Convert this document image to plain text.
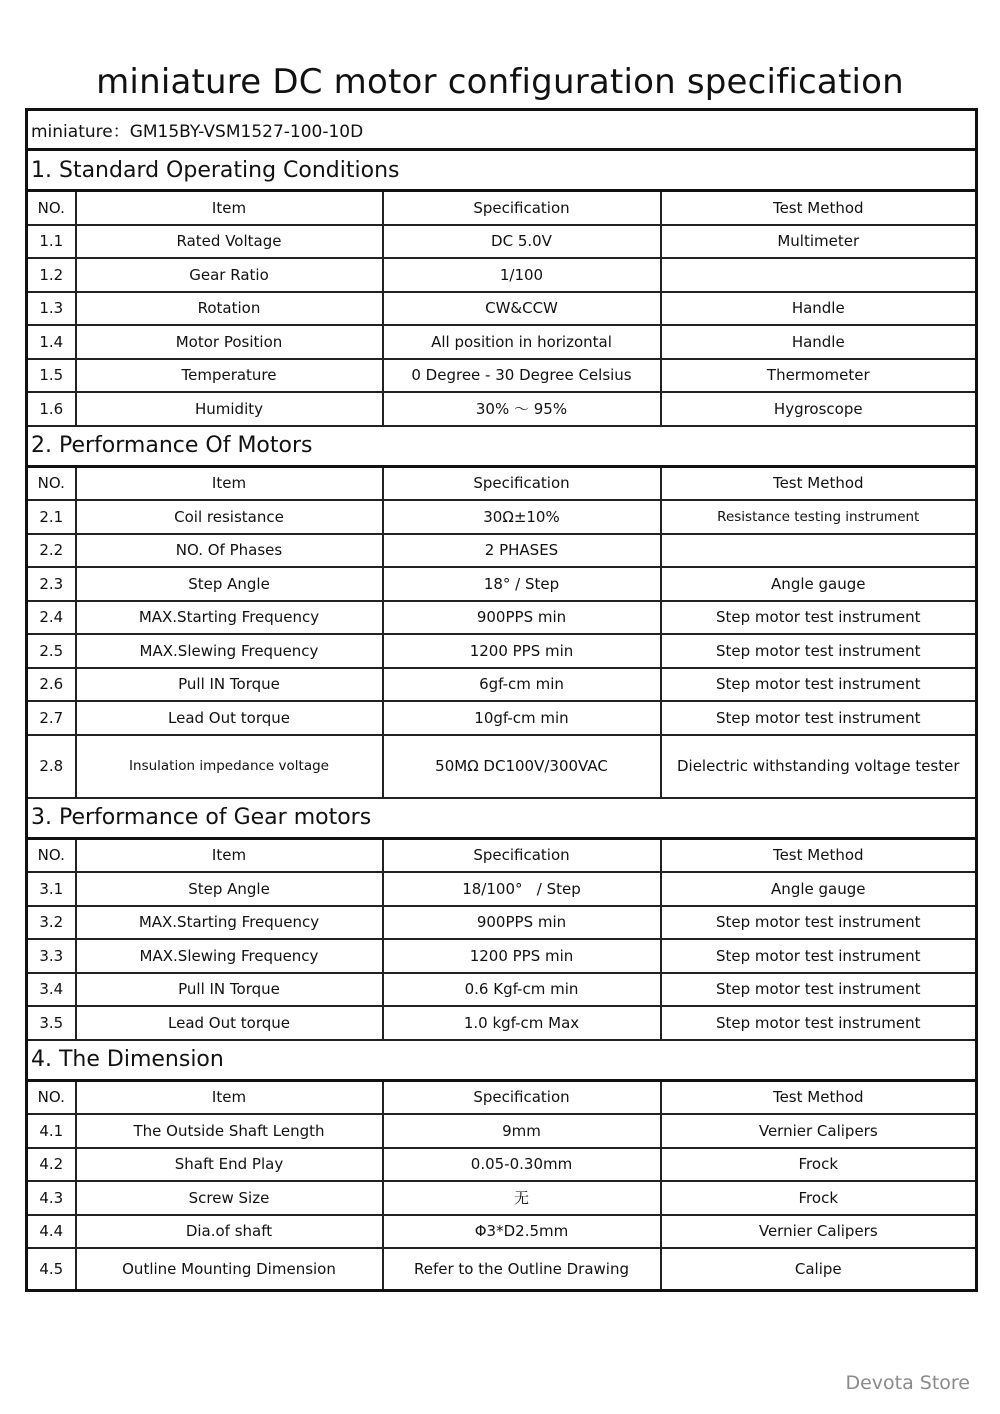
miniature DC motor configuration specification
miniature：GM15BY-VSM1527-100-10D			
1. Standard Operating Conditions			
NO.	Item	Specification	Test Method
1.1	Rated Voltage	DC 5.0V	Multimeter
1.2	Gear Ratio	1/100	
1.3	Rotation	CW&CCW	Handle
1.4	Motor Position	All position in horizontal	Handle
1.5	Temperature	0 Degree - 30 Degree Celsius	Thermometer
1.6	Humidity	30% ～ 95%	Hygroscope
2. Performance Of Motors			
NO.	Item	Specification	Test Method
2.1	Coil resistance	30Ω±10%	Resistance testing instrument
2.2	NO. Of Phases	2 PHASES	
2.3	Step Angle	18° / Step	Angle gauge
2.4	MAX.Starting Frequency	900PPS min	Step motor test instrument
2.5	MAX.Slewing Frequency	1200 PPS min	Step motor test instrument
2.6	Pull IN Torque	6gf-cm min	Step motor test instrument
2.7	Lead Out torque	10gf-cm min	Step motor test instrument
2.8	Insulation impedance voltage	50MΩ DC100V/300VAC	Dielectric withstanding voltage tester
3. Performance of Gear motors			
NO.	Item	Specification	Test Method
3.1	Step Angle	18/100°   / Step	Angle gauge
3.2	MAX.Starting Frequency	900PPS min	Step motor test instrument
3.3	MAX.Slewing Frequency	1200 PPS min	Step motor test instrument
3.4	Pull IN Torque	0.6 Kgf-cm min	Step motor test instrument
3.5	Lead Out torque	1.0 kgf-cm Max	Step motor test instrument
4. The Dimension			
NO.	Item	Specification	Test Method
4.1	The Outside Shaft Length	9mm	Vernier Calipers
4.2	Shaft End Play	0.05-0.30mm	Frock
4.3	Screw Size	无	Frock
4.4	Dia.of shaft	Φ3*D2.5mm	Vernier Calipers
4.5	Outline Mounting Dimension	Refer to the Outline Drawing	Calipe
Devota Store
